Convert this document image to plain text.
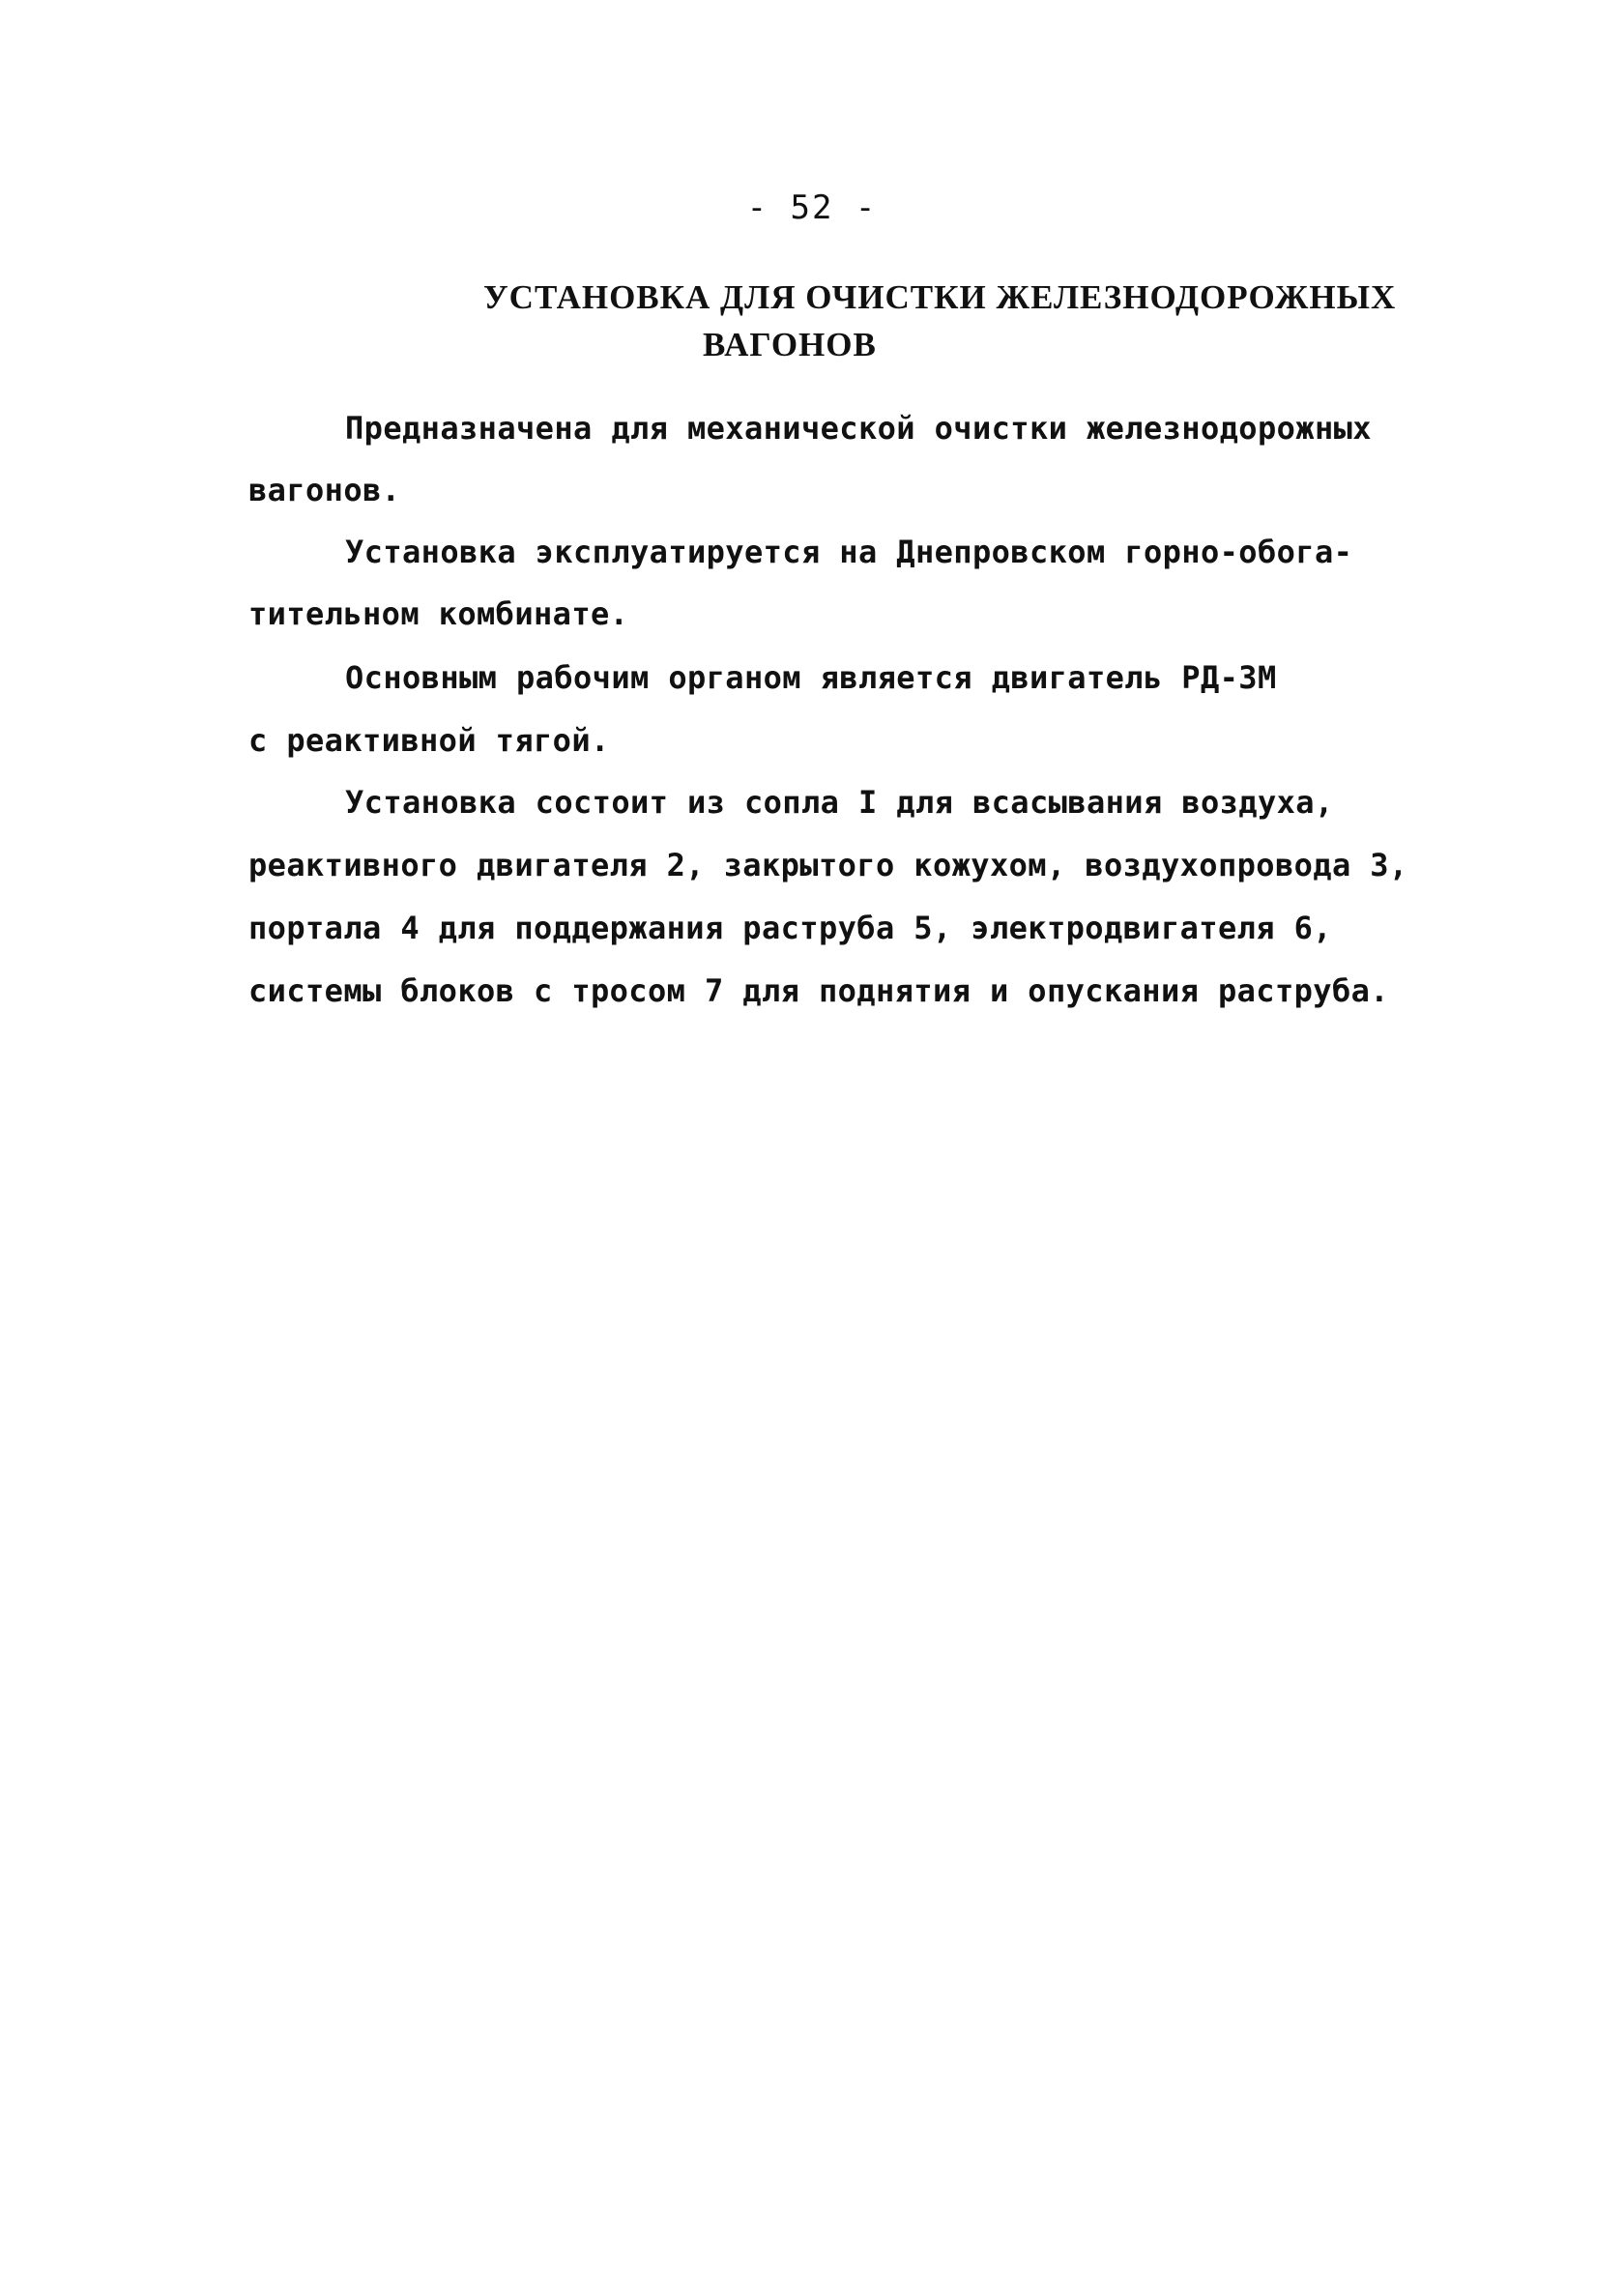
- 52 -
УСТАНОВКА ДЛЯ ОЧИСТКИ ЖЕЛЕЗНОДОРОЖНЫХ
ВАГОНОВ
Предназначена для механической очистки железнодорожных
вагонов.
Установка эксплуатируется на Днепровском горно-обога-
тительном комбинате.
Основным рабочим органом является двигатель РД-3М
с реактивной тягой.
Установка состоит из сопла I для всасывания воздуха,
реактивного двигателя 2, закрытого кожухом, воздухопровода 3,
портала 4 для поддержания раструба 5, электродвигателя 6,
системы блоков с тросом 7 для поднятия и опускания раструба.
